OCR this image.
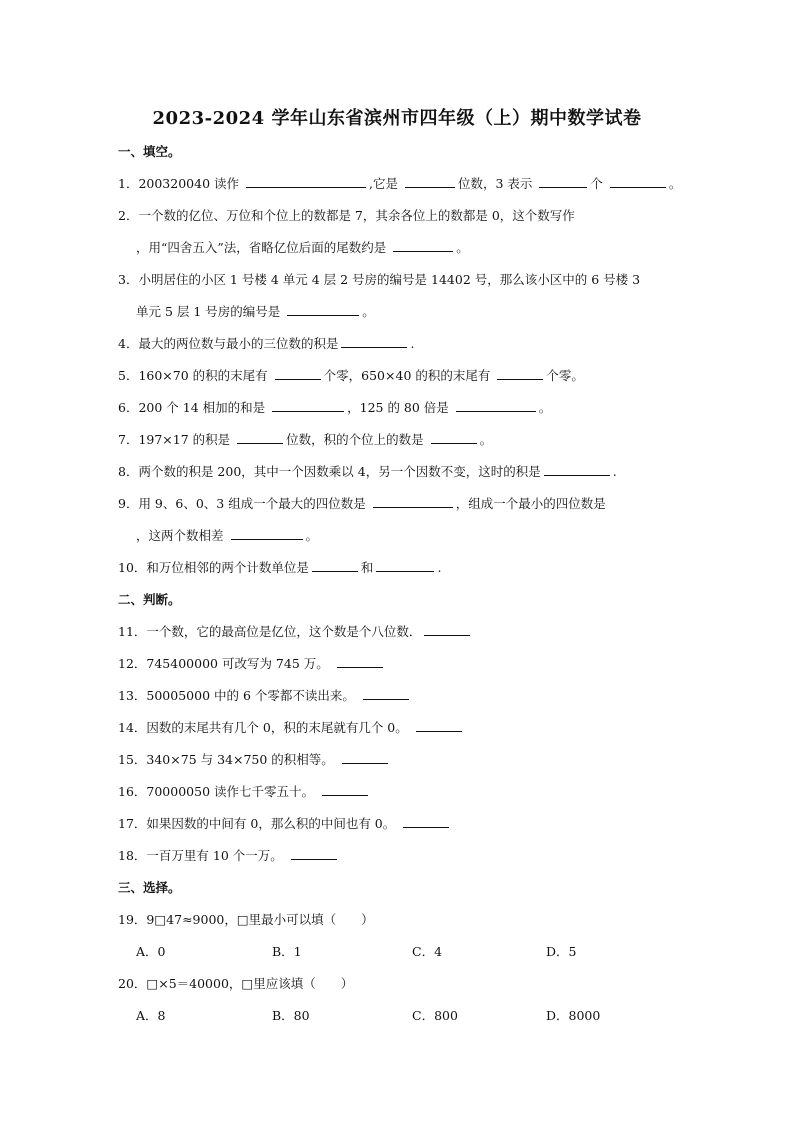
2023-2024 学年山东省滨州市四年级（上）期中数学试卷
一、填空。
1．200320040 读作	,它是	位数，3 表示	个	。
2．一个数的亿位、万位和个位上的数都是 7，其余各位上的数都是 0，这个数写作
，用“四舍五入”法，省略亿位后面的尾数约是	。
3．小明居住的小区 1 号楼 4 单元 4 层 2 号房的编号是 14402 号，那么该小区中的 6 号楼 3
单元 5 层 1 号房的编号是	。
4．最大的两位数与最小的三位数的积是	.
5．160×70 的积的末尾有	个零，650×40 的积的末尾有	个零。
6．200 个 14 相加的和是	，125 的 80 倍是	。
7．197×17 的积是	位数，积的个位上的数是	。
8．两个数的积是 200，其中一个因数乘以 4，另一个因数不变，这时的积是	.
9．用 9、6、0、3 组成一个最大的四位数是	，组成一个最小的四位数是
，这两个数相差	。
10．和万位相邻的两个计数单位是	和	.
二、判断。
11．一个数，它的最高位是亿位，这个数是个八位数．
12．745400000 可改写为 745 万。
13．50005000 中的 6 个零都不读出来。
14．因数的末尾共有几个 0，积的末尾就有几个 0。
15．340×75 与 34×750 的积相等。
16．70000050 读作七千零五十。
17．如果因数的中间有 0，那么积的中间也有 0。
18．一百万里有 10 个一万。
三、选择。
19．9□47≈9000，□里最小可以填（　　）
A．0	B．1	C．4	D．5
20．□×5＝40000，□里应该填（　　）
A．8	B．80	C．800	D．8000
